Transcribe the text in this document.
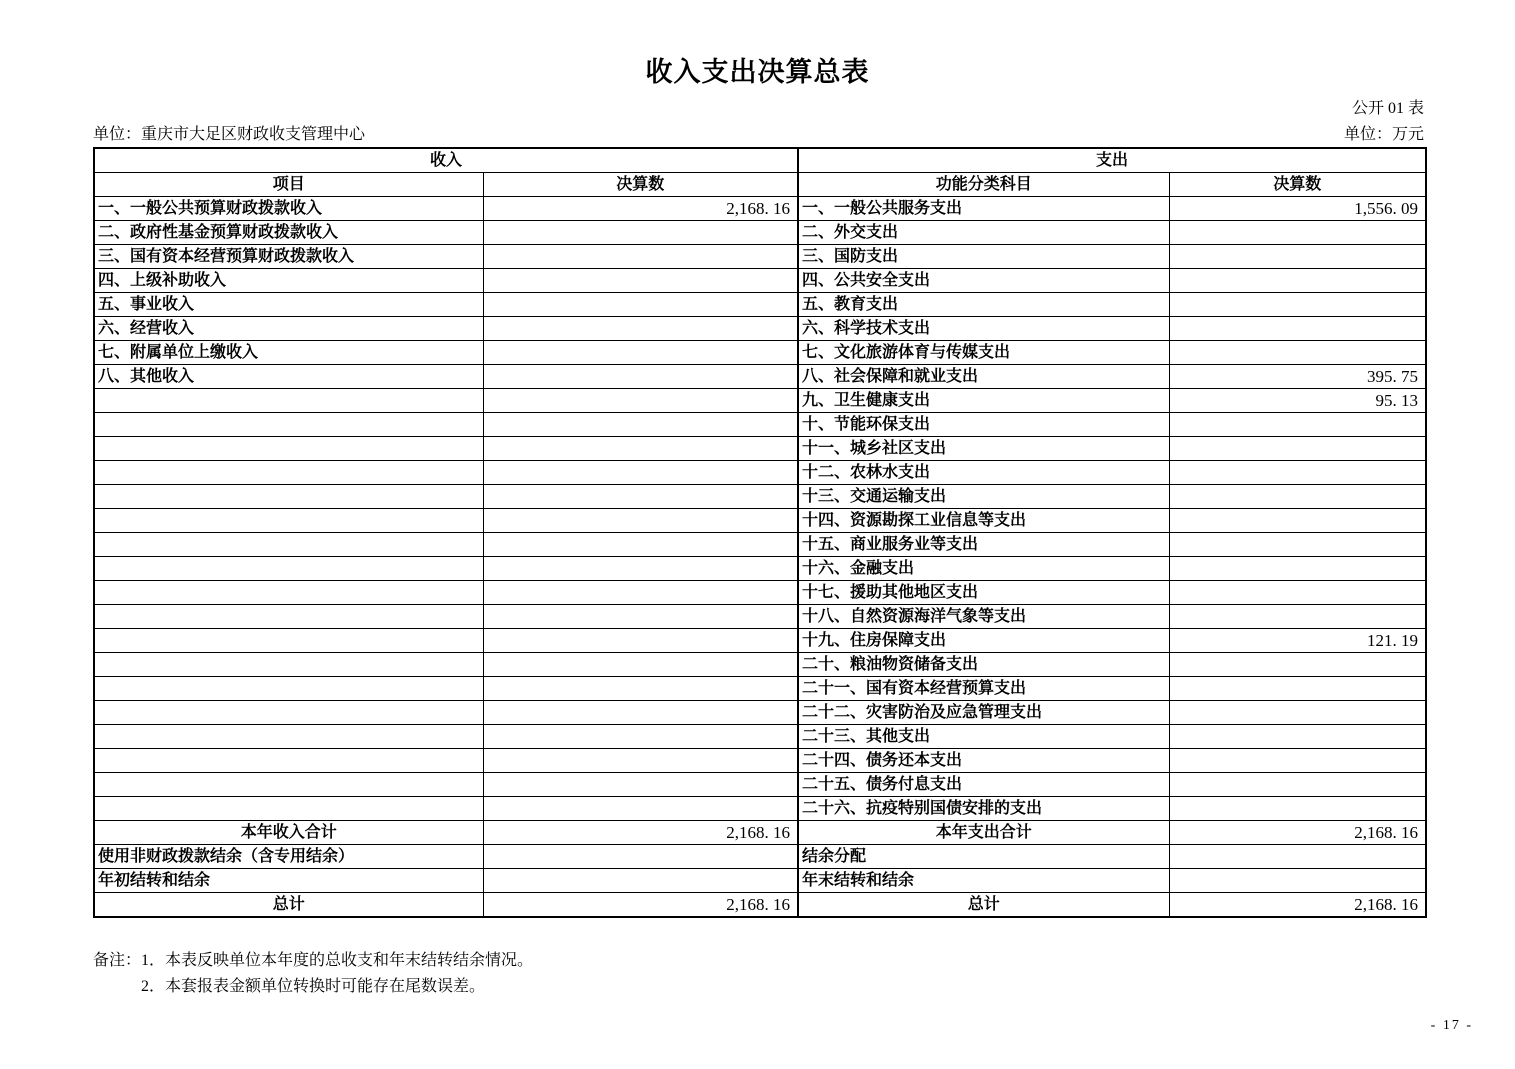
收入支出决算总表
公开 01 表
单位：重庆市大足区财政收支管理中心	单位：万元
收入		支出	
项目	决算数	功能分类科目	决算数
一、一般公共预算财政拨款收入	2,168. 16	一、一般公共服务支出	1,556. 09
二、政府性基金预算财政拨款收入		二、外交支出	
三、国有资本经营预算财政拨款收入		三、国防支出	
四、上级补助收入		四、公共安全支出	
五、事业收入		五、教育支出	
六、经营收入		六、科学技术支出	
七、附属单位上缴收入		七、文化旅游体育与传媒支出	
八、其他收入		八、社会保障和就业支出	395. 75
		九、卫生健康支出	95. 13
		十、节能环保支出	
		十一、城乡社区支出	
		十二、农林水支出	
		十三、交通运输支出	
		十四、资源勘探工业信息等支出	
		十五、商业服务业等支出	
		十六、金融支出	
		十七、援助其他地区支出	
		十八、自然资源海洋气象等支出	
		十九、住房保障支出	121. 19
		二十、粮油物资储备支出	
		二十一、国有资本经营预算支出	
		二十二、灾害防治及应急管理支出	
		二十三、其他支出	
		二十四、债务还本支出	
		二十五、债务付息支出	
		二十六、抗疫特别国债安排的支出	
本年收入合计	2,168. 16	本年支出合计	2,168. 16
使用非财政拨款结余（含专用结余）		结余分配	
年初结转和结余		年末结转和结余	
总计	2,168. 16	总计	2,168. 16
备注：1．本表反映单位本年度的总收支和年末结转结余情况。
2．本套报表金额单位转换时可能存在尾数误差。
- 17 -
